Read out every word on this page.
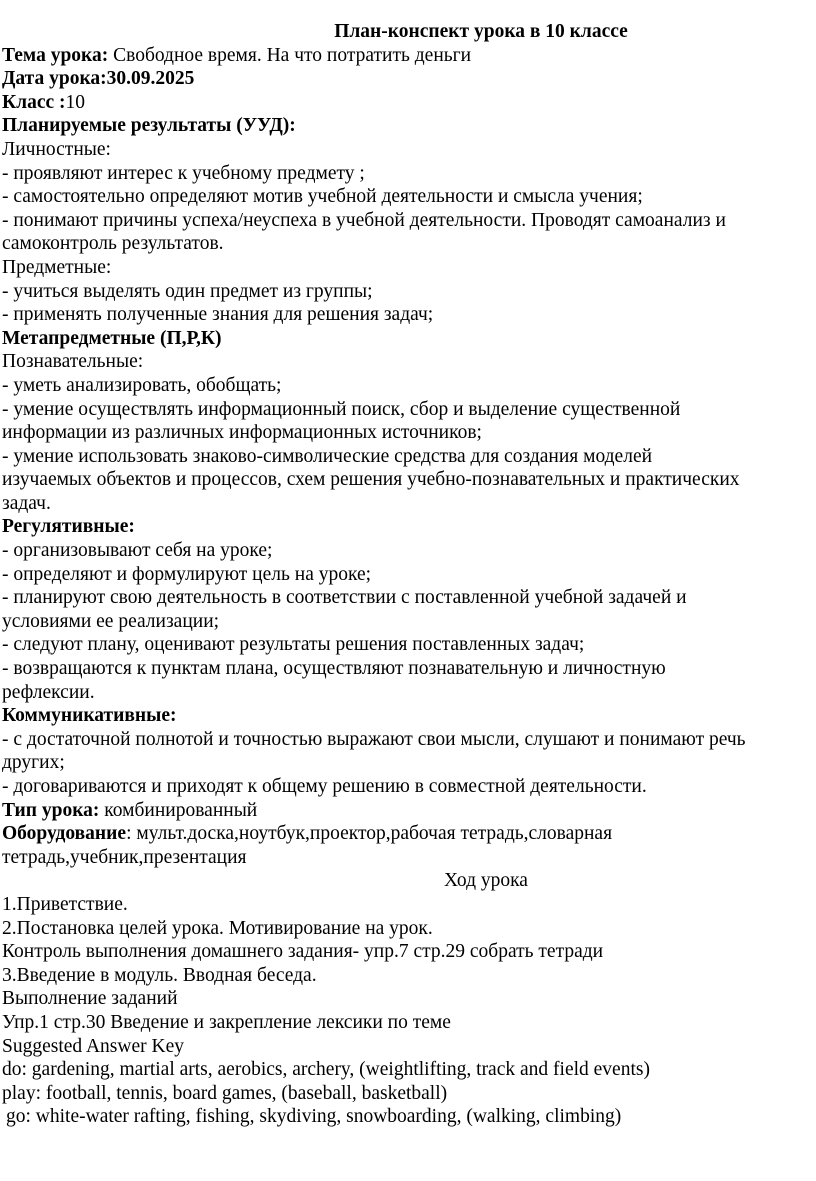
План-конспект урока в 10 классе
Тема урока: Свободное время. На что потратить деньги
Дата урока:30.09.2025
Класс :10
Планируемые результаты (УУД):
Личностные:
- проявляют интерес к учебному предмету ;
- самостоятельно определяют мотив учебной деятельности и смысла учения;
- понимают причины успеха/неуспеха в учебной деятельности. Проводят самоанализ и
самоконтроль результатов.
Предметные:
- учиться выделять один предмет из группы;
- применять полученные знания для решения задач;
Метапредметные (П,Р,К)
Познавательные:
- уметь анализировать, обобщать;
- умение осуществлять информационный поиск, сбор и выделение существенной
информации из различных информационных источников;
- умение использовать знаково-символические средства для создания моделей
изучаемых объектов и процессов, схем решения учебно-познавательных и практических
задач.
Регулятивные:
- организовывают себя на уроке;
- определяют и формулируют цель на уроке;
- планируют свою деятельность в соответствии с поставленной учебной задачей и
условиями ее реализации;
- следуют плану, оценивают результаты решения поставленных задач;
- возвращаются к пунктам плана, осуществляют познавательную и личностную
рефлексии.
Коммуникативные:
- с достаточной полнотой и точностью выражают свои мысли, слушают и понимают речь
других;
- договариваются и приходят к общему решению в совместной деятельности.
Тип урока: комбинированный
Оборудование: мульт.доска,ноутбук,проектор,рабочая тетрадь,словарная
тетрадь,учебник,презентация
Ход урока
1.Приветствие.
2.Постановка целей урока. Мотивирование на урок.
Контроль выполнения домашнего задания- упр.7 стр.29 собрать тетради
3.Введение в модуль. Вводная беседа.
Выполнение заданий
Упр.1 стр.30 Введение и закрепление лексики по теме
Suggested Answer Key
do: gardening, martial arts, aerobics, archery, (weightlifting, track and field events)
play: football, tennis, board games, (baseball, basketball)
go: white-water rafting, fishing, skydiving, snowboarding, (walking, climbing)
